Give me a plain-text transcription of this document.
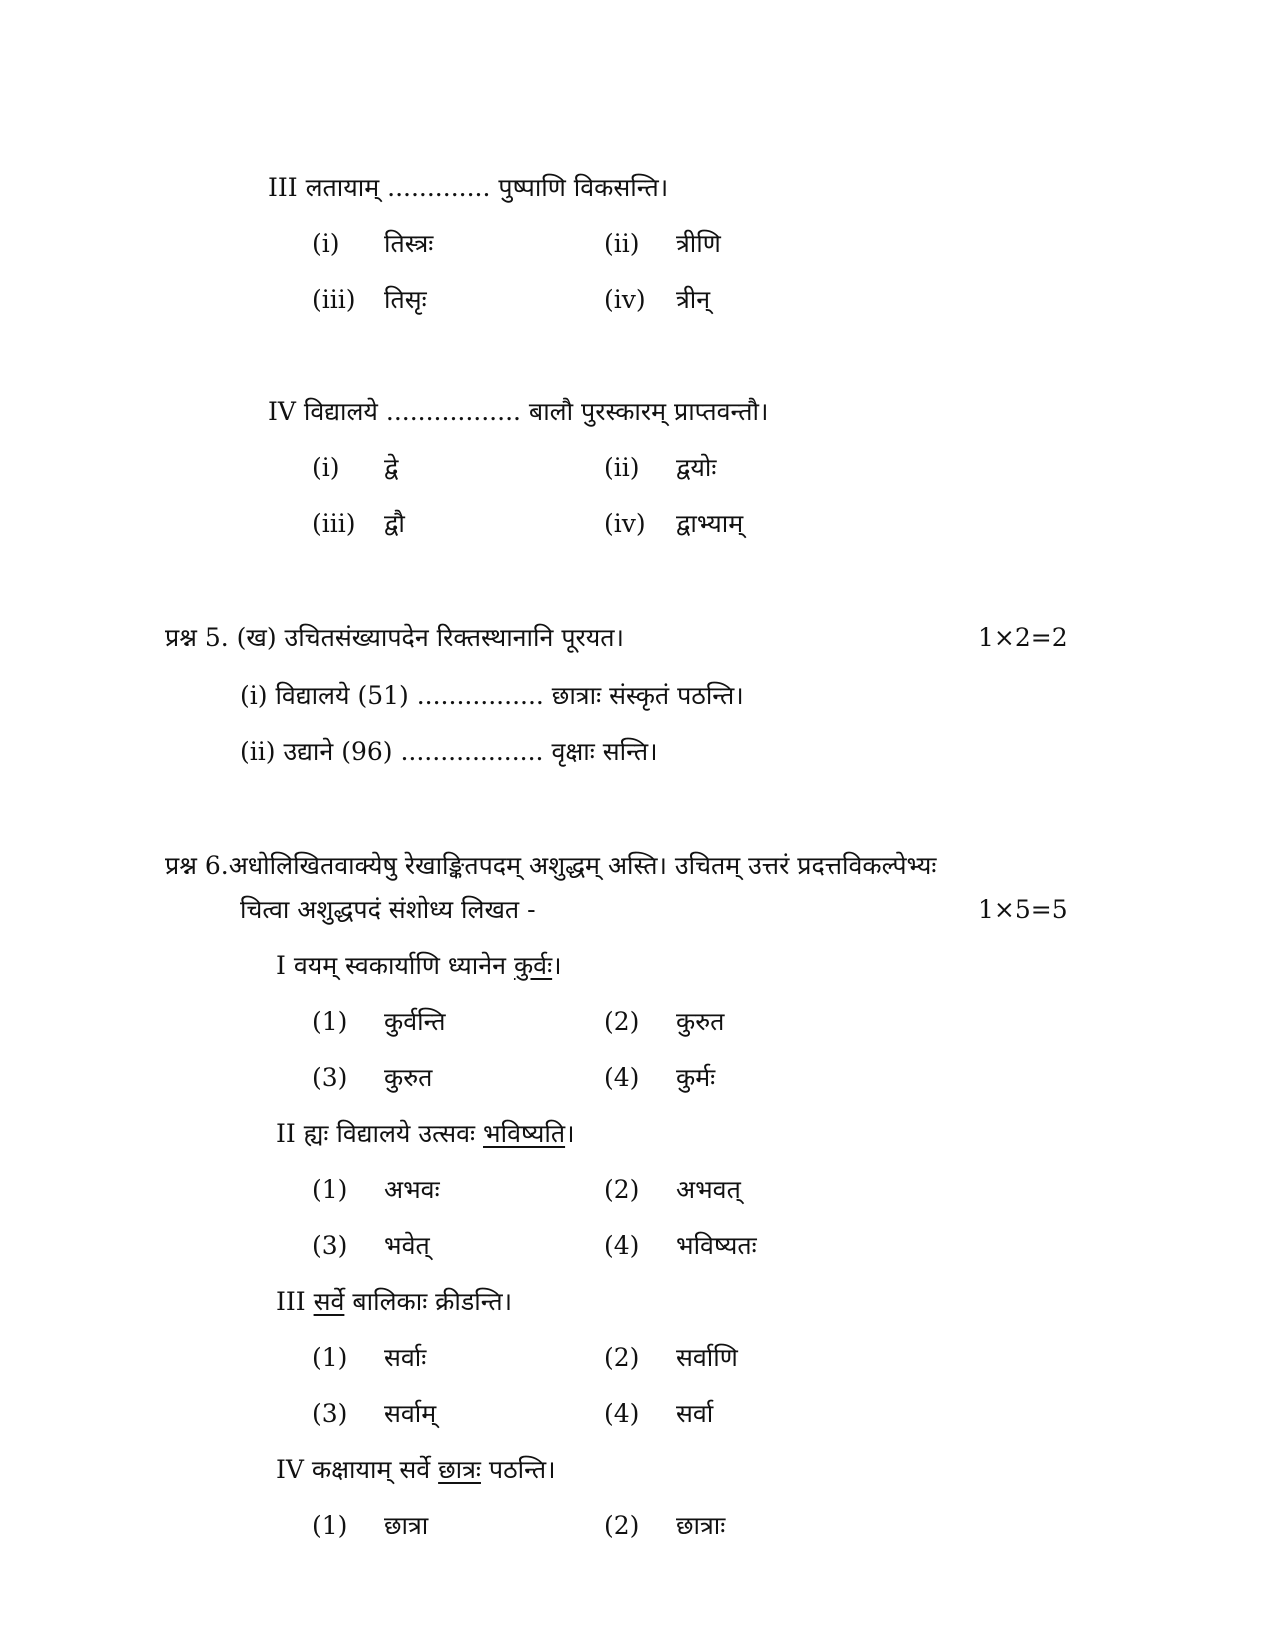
III लतायाम् ............. पुष्पाणि विकसन्ति।
(i) तिस्त्रः	(ii) त्रीणि
(iii) तिसृः	(iv) त्रीन्
IV विद्यालये ................. बालौ पुरस्कारम् प्राप्तवन्तौ।
(i) द्वे	(ii) द्वयोः
(iii) द्वौ	(iv) द्वाभ्याम्
प्रश्न 5. (ख) उचितसंख्यापदेन रिक्तस्थानानि पूरयत।	1×2=2
(i) विद्यालये (51) ................ छात्राः संस्कृतं पठन्ति।
(ii) उद्याने (96) .................. वृक्षाः सन्ति।
प्रश्न 6.अधोलिखितवाक्येषु रेखाङ्कितपदम् अशुद्धम् अस्ति। उचितम् उत्तरं प्रदत्तविकल्पेभ्यः
चित्वा अशुद्धपदं संशोध्य लिखत -	1×5=5
I वयम् स्वकार्याणि ध्यानेन कुर्वः।
(1) कुर्वन्ति	(2) कुरुत
(3) कुरुत	(4) कुर्मः
II ह्यः विद्यालये उत्सवः भविष्यति।
(1) अभवः	(2) अभवत्
(3) भवेत्	(4) भविष्यतः
III सर्वे बालिकाः क्रीडन्ति।
(1) सर्वाः	(2) सर्वाणि
(3) सर्वाम्	(4) सर्वा
IV कक्षायाम् सर्वे छात्रः पठन्ति।
(1) छात्रा	(2) छात्राः
